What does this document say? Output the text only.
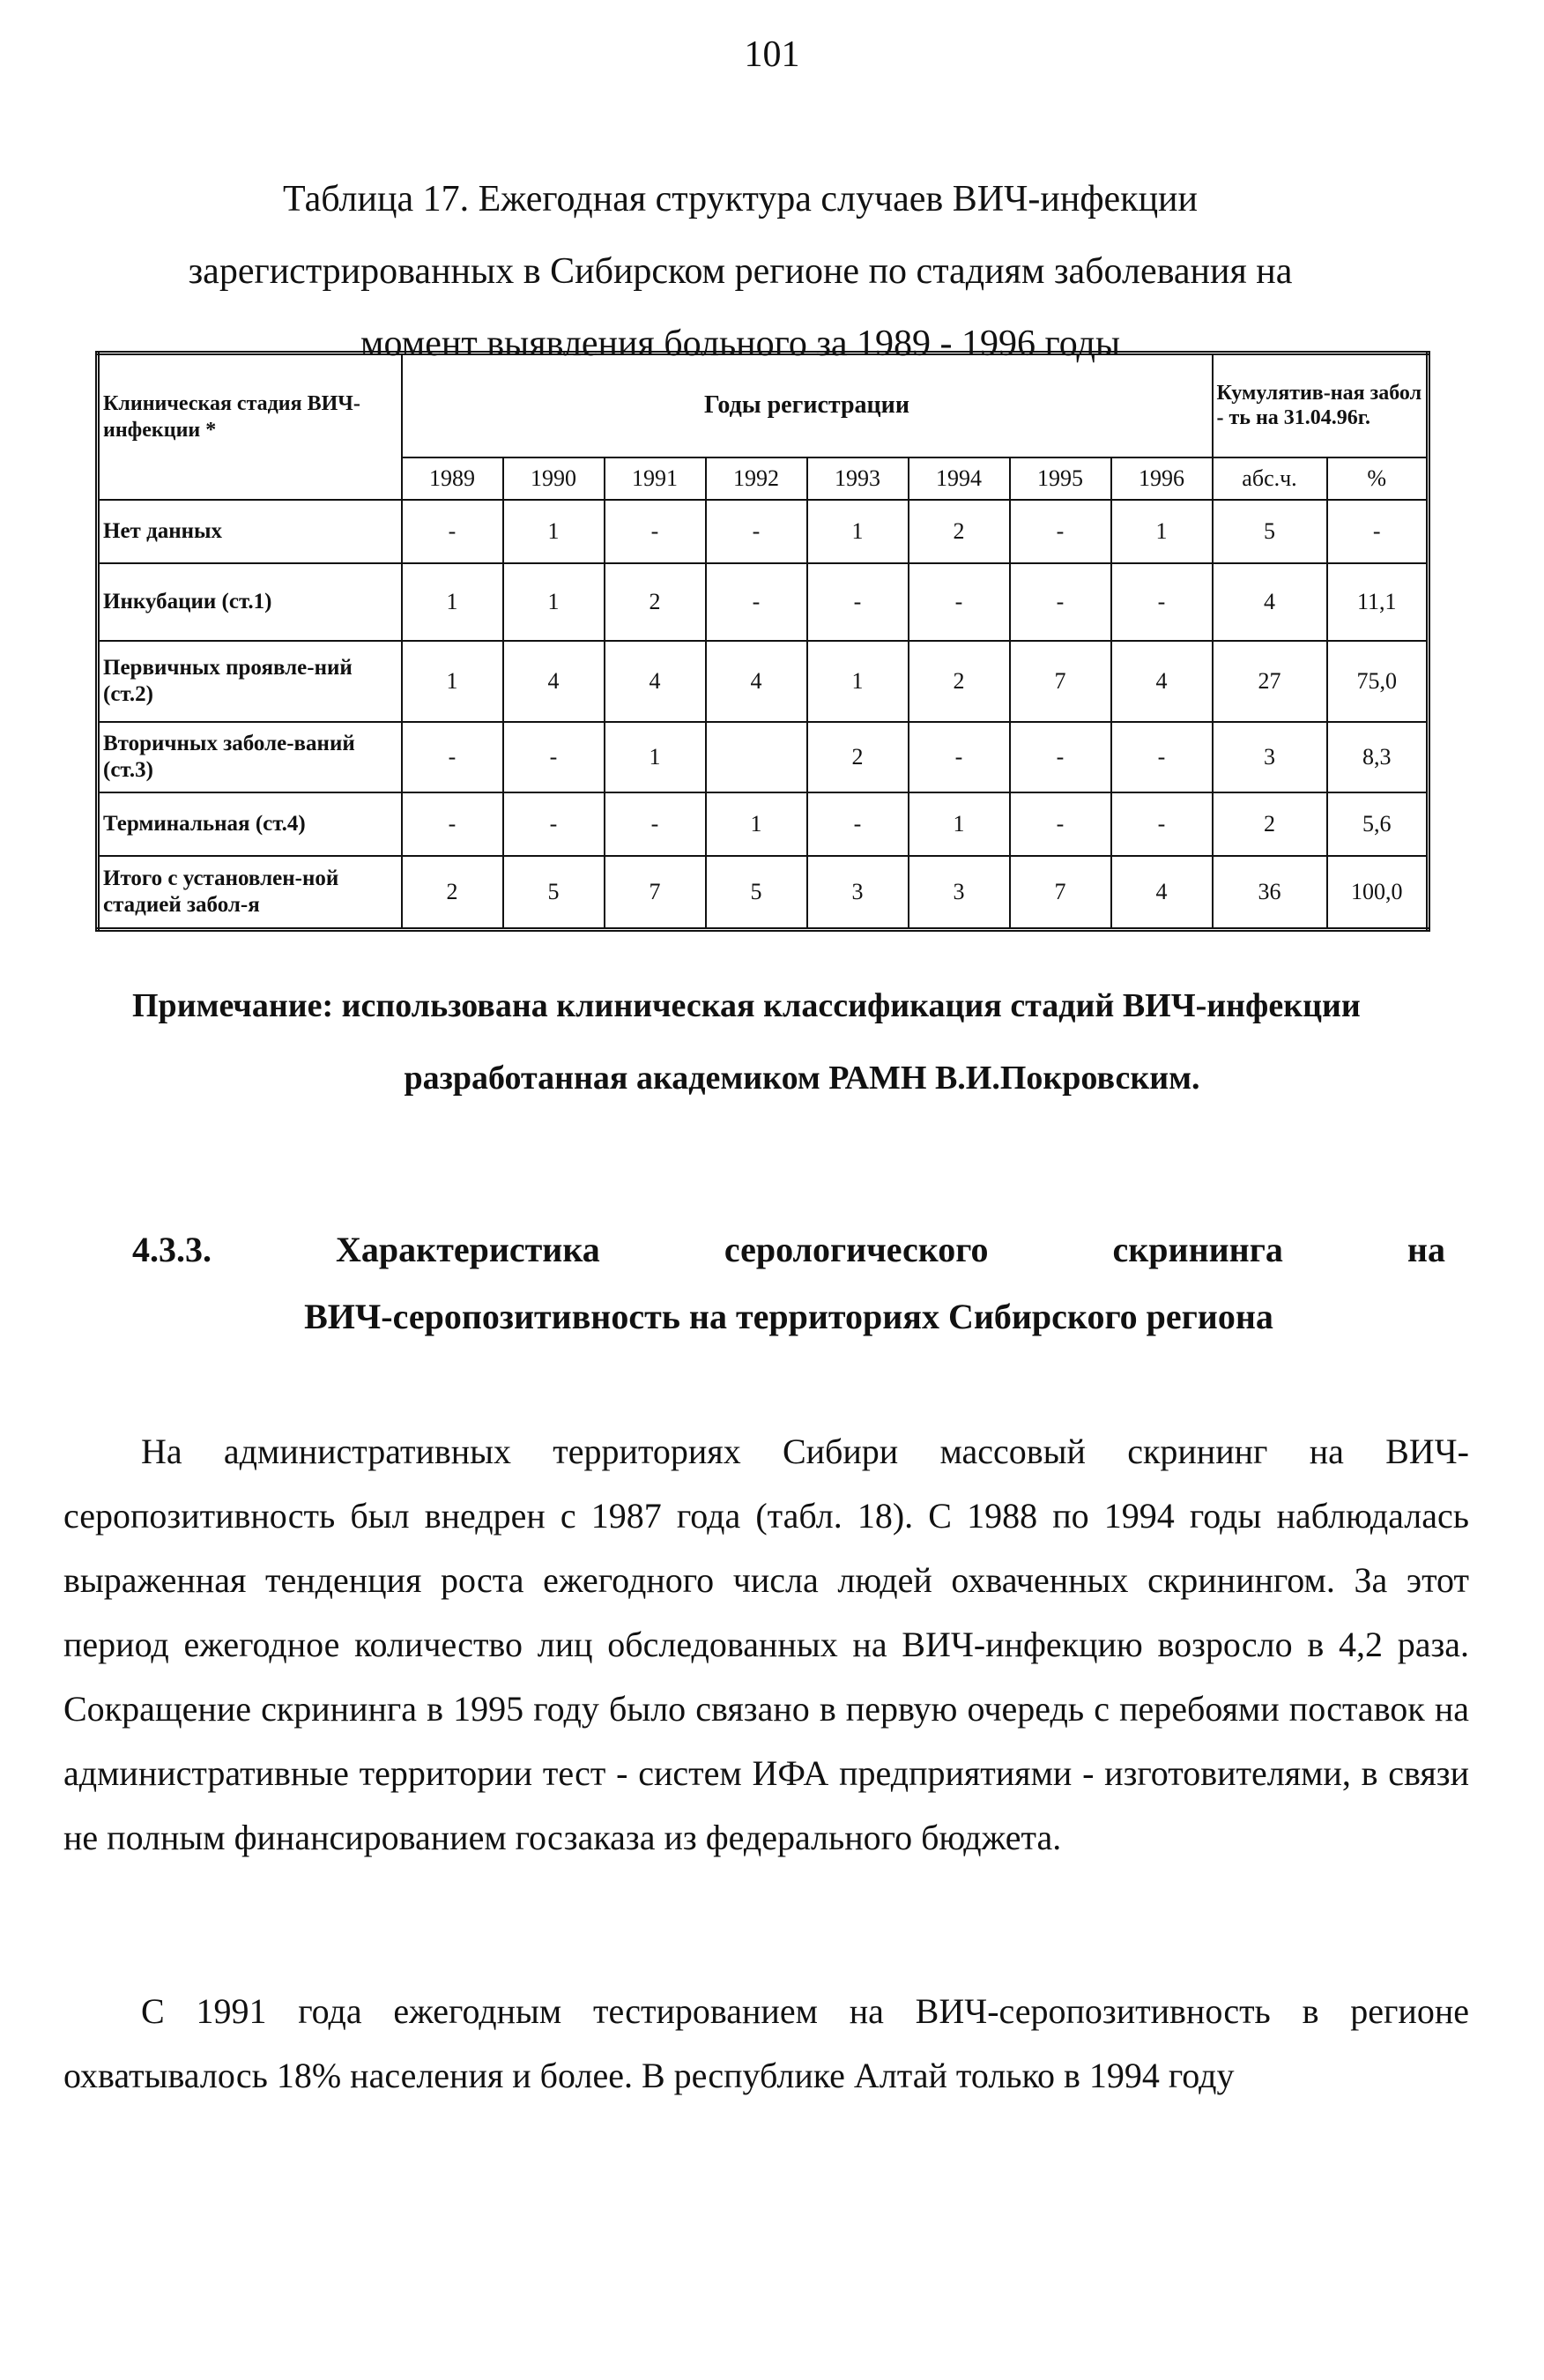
101
Таблица 17. Ежегодная структура случаев ВИЧ-инфекции
зарегистрированных в Сибирском регионе по стадиям заболевания на
момент выявления больного за 1989 - 1996 годы
Клиническая стадия ВИЧ-инфекции *	Годы регистрации								Кумулятив-ная забол - ть на 31.04.96г.	
	1989	1990	1991	1992	1993	1994	1995	1996	абс.ч.	%
Нет данных	-	1	-	-	1	2	-	1	5	-
Инкубации (ст.1)	1	1	2	-	-	-	-	-	4	11,1
Первичных проявле-ний (ст.2)	1	4	4	4	1	2	7	4	27	75,0
Вторичных заболе-ваний (ст.3)	-	-	1		2	-	-	-	3	8,3
Терминальная (ст.4)	-	-	-	1	-	1	-	-	2	5,6
Итого с установлен-ной стадией забол-я	2	5	7	5	3	3	7	4	36	100,0
Примечание: использована клиническая классификация стадий ВИЧ-инфекции
разработанная академиком РАМН В.И.Покровским.
4.3.3.	Характеристика	серологического	скрининга	на
ВИЧ-серопозитивность на территориях Сибирского региона
На административных территориях Сибири массовый скрининг на ВИЧ-серопозитивность был внедрен с 1987 года (табл. 18). С 1988 по 1994 годы наблюдалась выраженная тенденция роста ежегодного числа людей охваченных скринингом. За этот период ежегодное количество лиц обследованных на ВИЧ-инфекцию возросло в 4,2 раза. Сокращение скрининга в 1995 году было связано в первую очередь с перебоями поставок на административные территории тест - систем ИФА предприятиями - изготовителями, в связи не полным финансированием госзаказа из федерального бюджета.
С 1991 года ежегодным тестированием на ВИЧ-серопозитивность в регионе охватывалось 18% населения и более. В республике Алтай только в 1994 году
